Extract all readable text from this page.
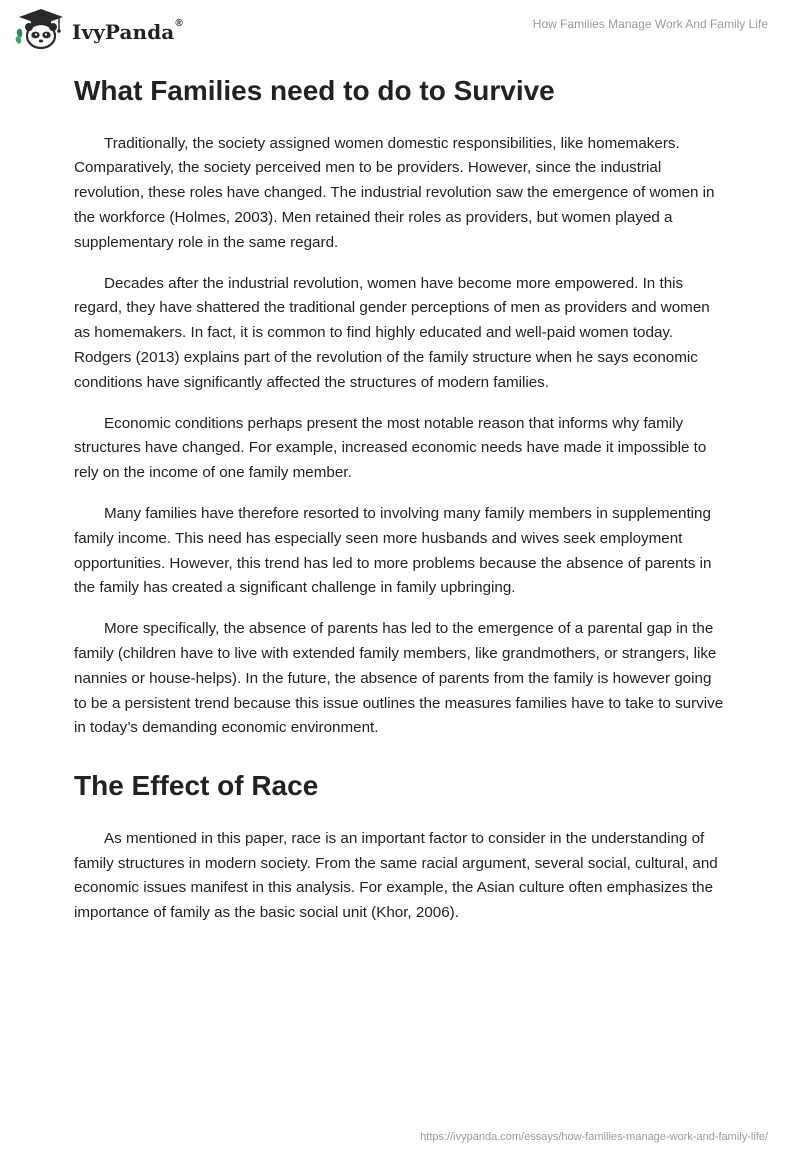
IvyPanda®	How Families Manage Work And Family Life
What Families need to do to Survive

Traditionally, the society assigned women domestic responsibilities, like homemakers. Comparatively, the society perceived men to be providers. However, since the industrial revolution, these roles have changed. The industrial revolution saw the emergence of women in the workforce (Holmes, 2003). Men retained their roles as providers, but women played a supplementary role in the same regard.

Decades after the industrial revolution, women have become more empowered. In this regard, they have shattered the traditional gender perceptions of men as providers and women as homemakers. In fact, it is common to find highly educated and well-paid women today. Rodgers (2013) explains part of the revolution of the family structure when he says economic conditions have significantly affected the structures of modern families.

Economic conditions perhaps present the most notable reason that informs why family structures have changed. For example, increased economic needs have made it impossible to rely on the income of one family member.

Many families have therefore resorted to involving many family members in supplementing family income. This need has especially seen more husbands and wives seek employment opportunities. However, this trend has led to more problems because the absence of parents in the family has created a significant challenge in family upbringing.

More specifically, the absence of parents has led to the emergence of a parental gap in the family (children have to live with extended family members, like grandmothers, or strangers, like nannies or house-helps). In the future, the absence of parents from the family is however going to be a persistent trend because this issue outlines the measures families have to take to survive in today’s demanding economic environment.

The Effect of Race

As mentioned in this paper, race is an important factor to consider in the understanding of family structures in modern society. From the same racial argument, several social, cultural, and economic issues manifest in this analysis. For example, the Asian culture often emphasizes the importance of family as the basic social unit (Khor, 2006).

https://ivypanda.com/essays/how-families-manage-work-and-family-life/
